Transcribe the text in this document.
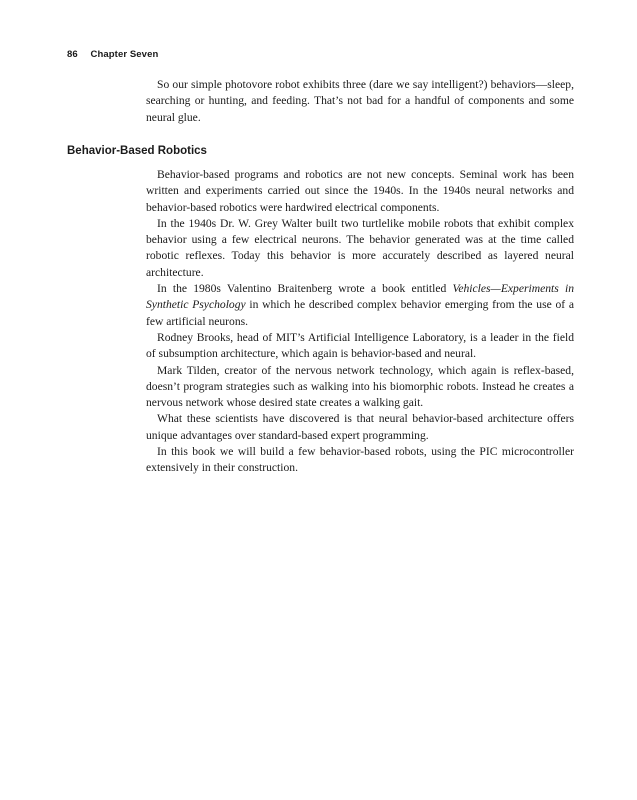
86 Chapter Seven

So our simple photovore robot exhibits three (dare we say intelligent?) behaviors—sleep, searching or hunting, and feeding. That’s not bad for a handful of components and some neural glue.

Behavior-Based Robotics

Behavior-based programs and robotics are not new concepts. Seminal work has been written and experiments carried out since the 1940s. In the 1940s neural networks and behavior-based robotics were hardwired electrical components.

In the 1940s Dr. W. Grey Walter built two turtlelike mobile robots that exhibit complex behavior using a few electrical neurons. The behavior generated was at the time called robotic reflexes. Today this behavior is more accurately described as layered neural architecture.

In the 1980s Valentino Braitenberg wrote a book entitled Vehicles—Experiments in Synthetic Psychology in which he described complex behavior emerging from the use of a few artificial neurons.

Rodney Brooks, head of MIT’s Artificial Intelligence Laboratory, is a leader in the field of subsumption architecture, which again is behavior-based and neural.

Mark Tilden, creator of the nervous network technology, which again is reflex-based, doesn’t program strategies such as walking into his biomorphic robots. Instead he creates a nervous network whose desired state creates a walking gait.

What these scientists have discovered is that neural behavior-based architecture offers unique advantages over standard-based expert programming.

In this book we will build a few behavior-based robots, using the PIC microcontroller extensively in their construction.
